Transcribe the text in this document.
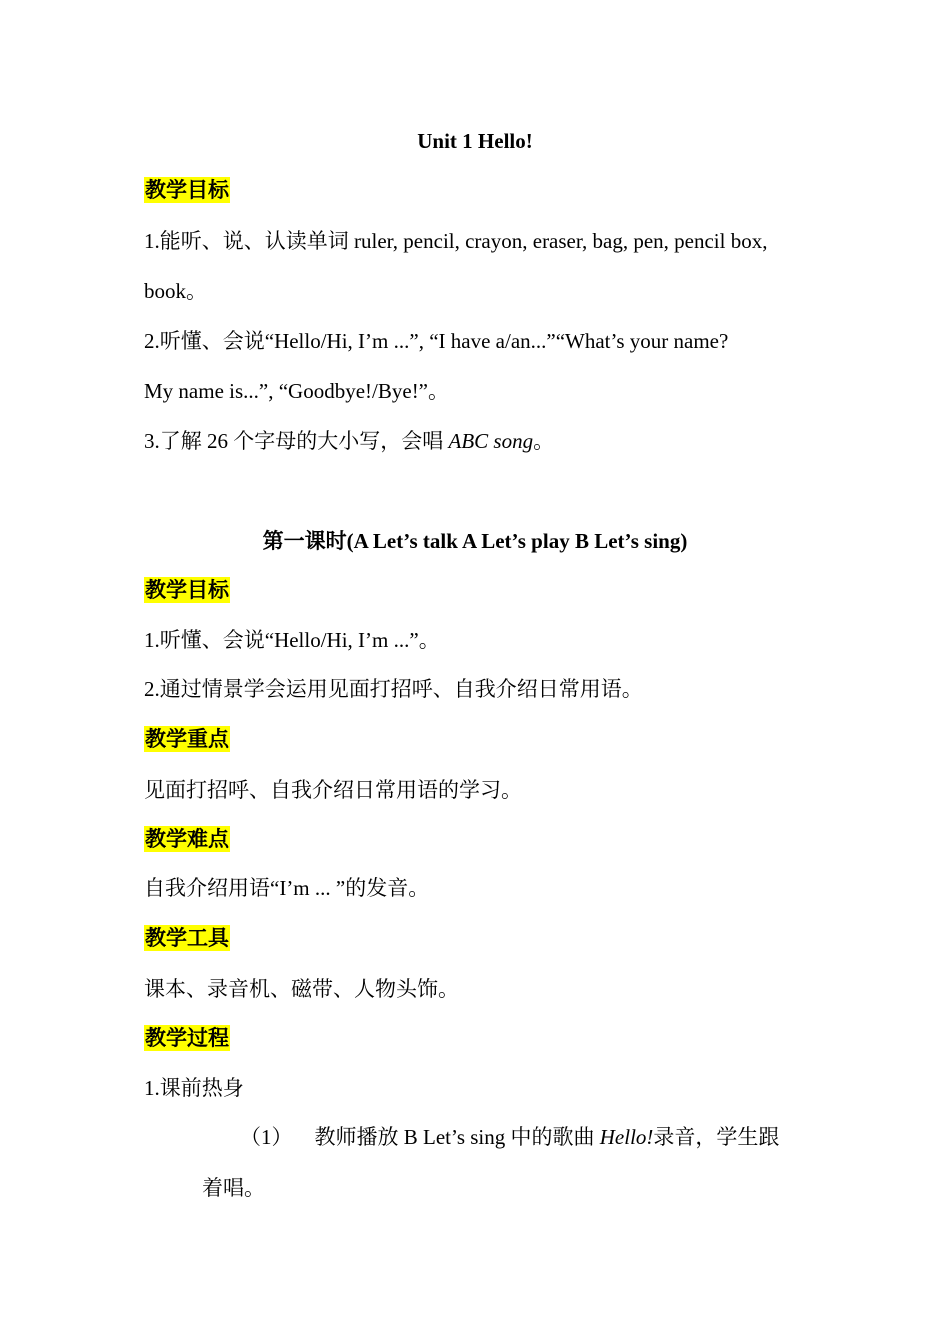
Unit 1 Hello!
教学目标
1.能听、说、认读单词 ruler, pencil, crayon, eraser, bag, pen, pencil box,
book。
2.听懂、会说“Hello/Hi, I’m ...”, “I have a/an...”“What’s your name?
My name is...”, “Goodbye!/Bye!”。
3.了解 26 个字母的大小写，会唱 ABC song。
第一课时(A Let’s talk A Let’s play B Let’s sing)
教学目标
1.听懂、会说“Hello/Hi, I’m ...”。
2.通过情景学会运用见面打招呼、自我介绍日常用语。
教学重点
见面打招呼、自我介绍日常用语的学习。
教学难点
自我介绍用语“I’m ... ”的发音。
教学工具
课本、录音机、磁带、人物头饰。
教学过程
1.课前热身
（1） 教师播放 B Let’s sing 中的歌曲 Hello!录音，学生跟
着唱。
